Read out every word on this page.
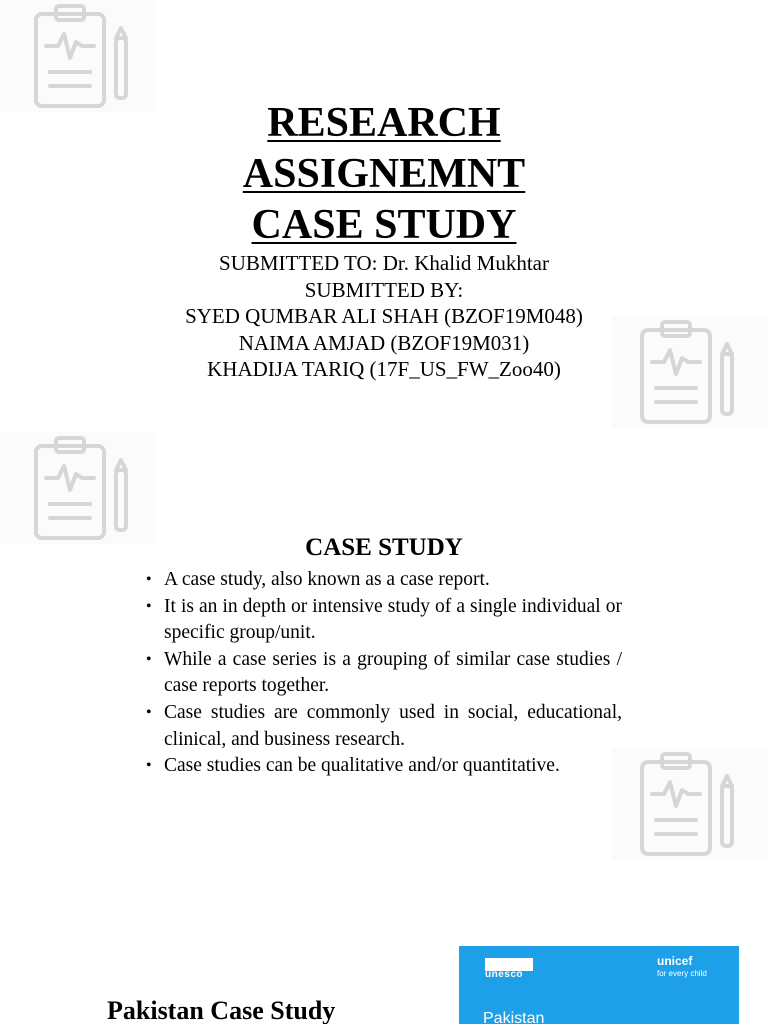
RESEARCH
ASSIGNEMNT
CASE STUDY
SUBMITTED TO: Dr. Khalid Mukhtar
SUBMITTED BY:
SYED QUMBAR ALI SHAH (BZOF19M048)
NAIMA AMJAD (BZOF19M031)
KHADIJA TARIQ (17F_US_FW_Zoo40)
CASE STUDY
• A case study, also known as a case report.
• It is an in depth or intensive study of a single individual or specific group/unit.
• While a case series is a grouping of similar case studies / case reports together.
• Case studies are commonly used in social, educational, clinical, and business research.
• Case studies can be qualitative and/or quantitative.
Pakistan Case Study
unesco
unicef
for every child
Pakistan
